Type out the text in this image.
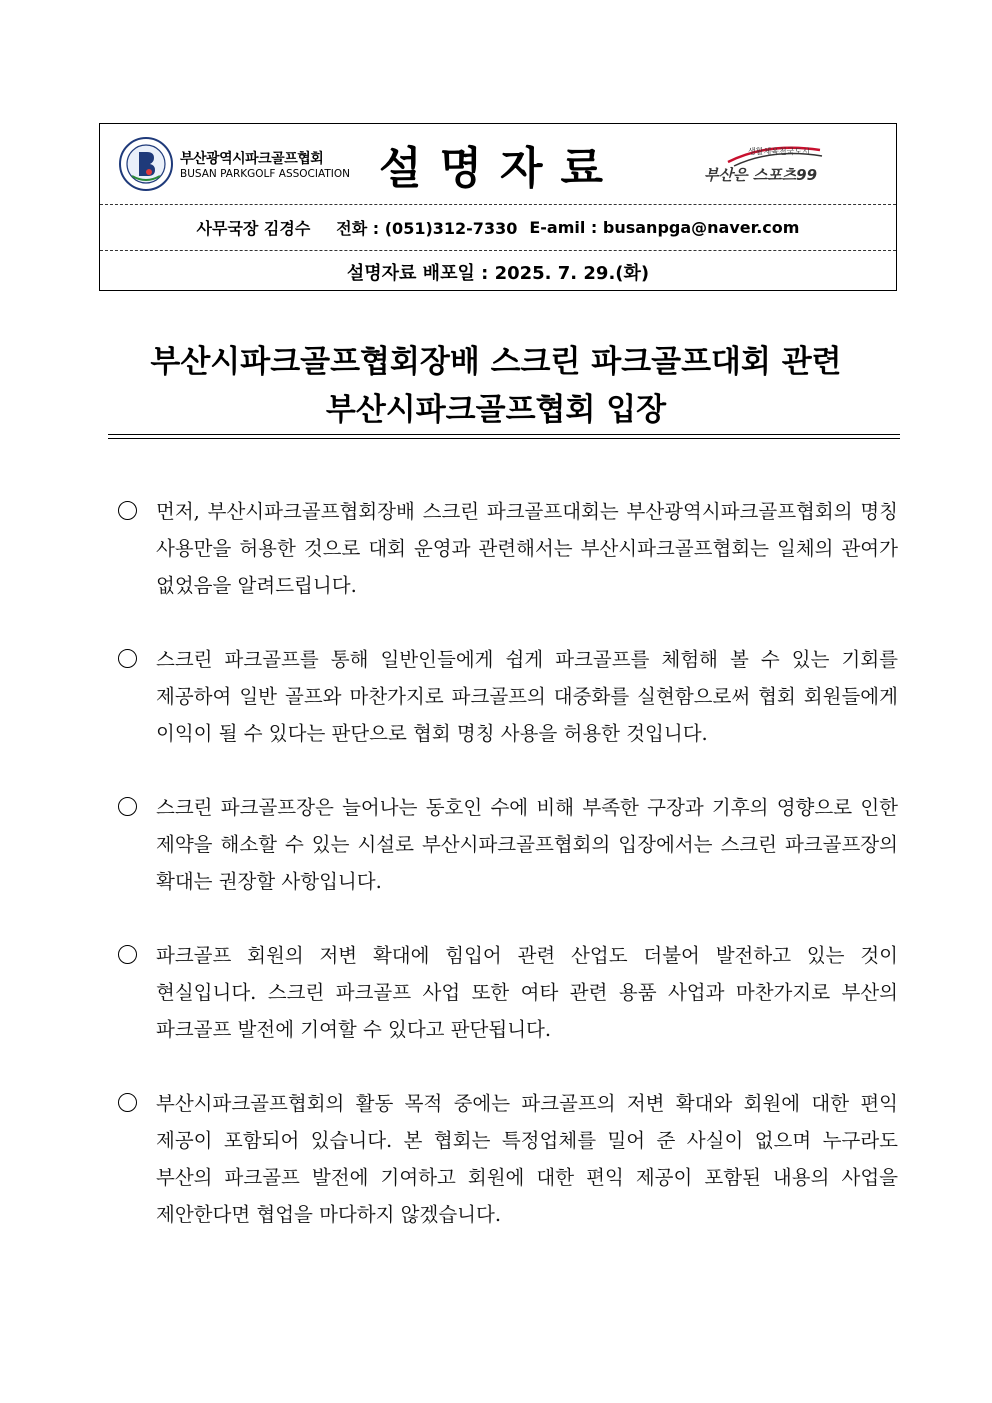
부산광역시파크골프협회
BUSAN PARKGOLF ASSOCIATION 설명자료	생활체육천국도시
부산은 스포츠99
사무국장 김경수 전화 : (051)312-7330 E-amil : busanpga@naver.com
설명자료 배포일 : 2025. 7. 29.(화)
부산시파크골프협회장배 스크린 파크골프대회 관련
부산시파크골프협회 입장
먼저, 부산시파크골프협회장배 스크린 파크골프대회는 부산광역시파크골프협회의 명칭 사용만을 허용한 것으로 대회 운영과 관련해서는 부산시파크골프협회는 일체의 관여가 없었음을 알려드립니다.
스크린 파크골프를 통해 일반인들에게 쉽게 파크골프를 체험해 볼 수 있는 기회를 제공하여 일반 골프와 마찬가지로 파크골프의 대중화를 실현함으로써 협회 회원들에게 이익이 될 수 있다는 판단으로 협회 명칭 사용을 허용한 것입니다.
스크린 파크골프장은 늘어나는 동호인 수에 비해 부족한 구장과 기후의 영향으로 인한 제약을 해소할 수 있는 시설로 부산시파크골프협회의 입장에서는 스크린 파크골프장의 확대는 권장할 사항입니다.
파크골프 회원의 저변 확대에 힘입어 관련 산업도 더불어 발전하고 있는 것이 현실입니다. 스크린 파크골프 사업 또한 여타 관련 용품 사업과 마찬가지로 부산의 파크골프 발전에 기여할 수 있다고 판단됩니다.
부산시파크골프협회의 활동 목적 중에는 파크골프의 저변 확대와 회원에 대한 편익 제공이 포함되어 있습니다. 본 협회는 특정업체를 밀어 준 사실이 없으며 누구라도 부산의 파크골프 발전에 기여하고 회원에 대한 편익 제공이 포함된 내용의 사업을 제안한다면 협업을 마다하지 않겠습니다.
